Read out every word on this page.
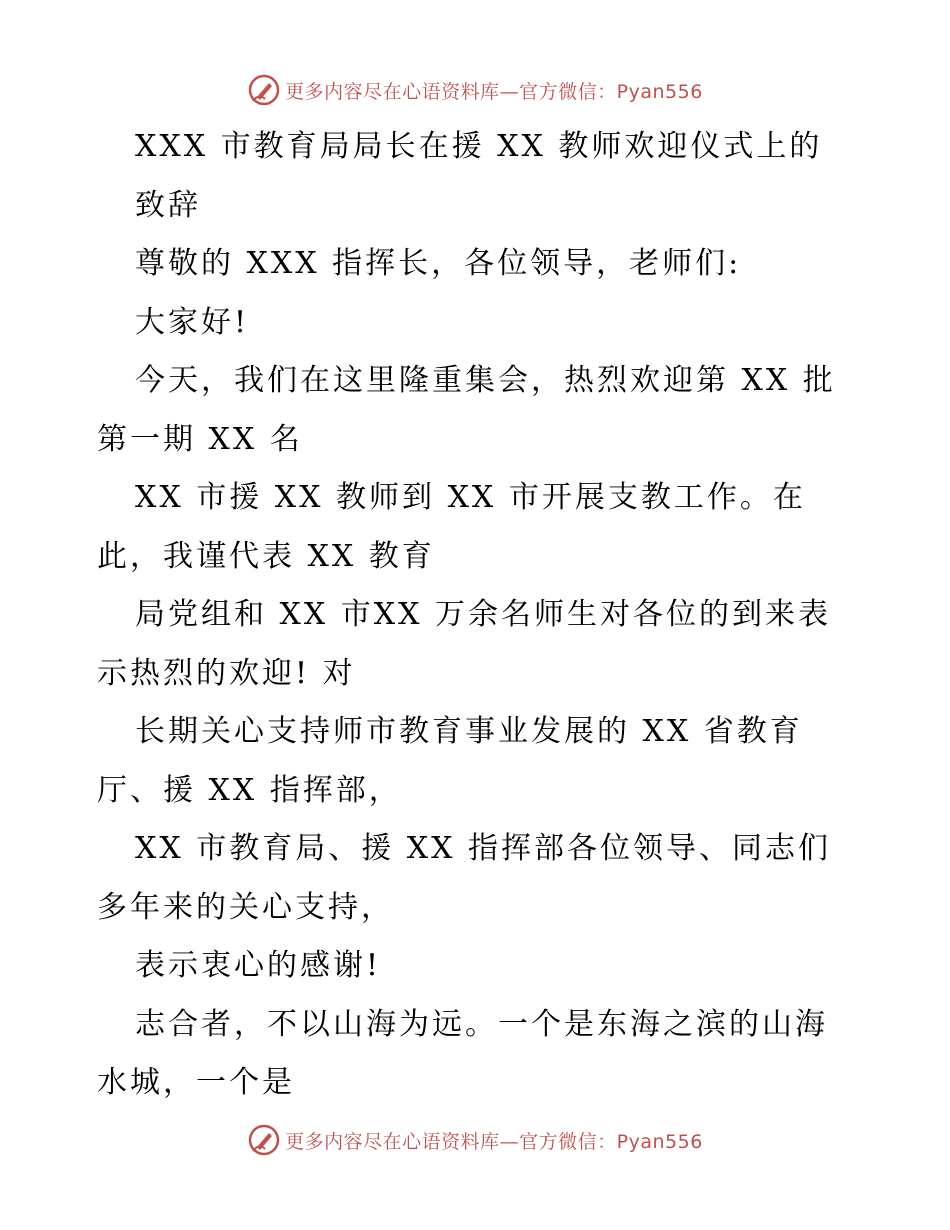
更多内容尽在心语资料库—官方微信：Pyan556
XXX 市教育局局长在援 XX 教师欢迎仪式上的
致辞
尊敬的 XXX 指挥长，各位领导，老师们:
大家好!
今天，我们在这里隆重集会，热烈欢迎第 XX 批
第一期 XX 名
XX 市援 XX 教师到 XX 市开展支教工作。在
此，我谨代表 XX 教育
局党组和 XX 市XX 万余名师生对各位的到来表
示热烈的欢迎! 对
长期关心支持师市教育事业发展的 XX 省教育
厅、援 XX 指挥部，
XX 市教育局、援 XX 指挥部各位领导、同志们
多年来的关心支持，
表示衷心的感谢!
志合者，不以山海为远。一个是东海之滨的山海
水城，一个是
更多内容尽在心语资料库—官方微信：Pyan556
